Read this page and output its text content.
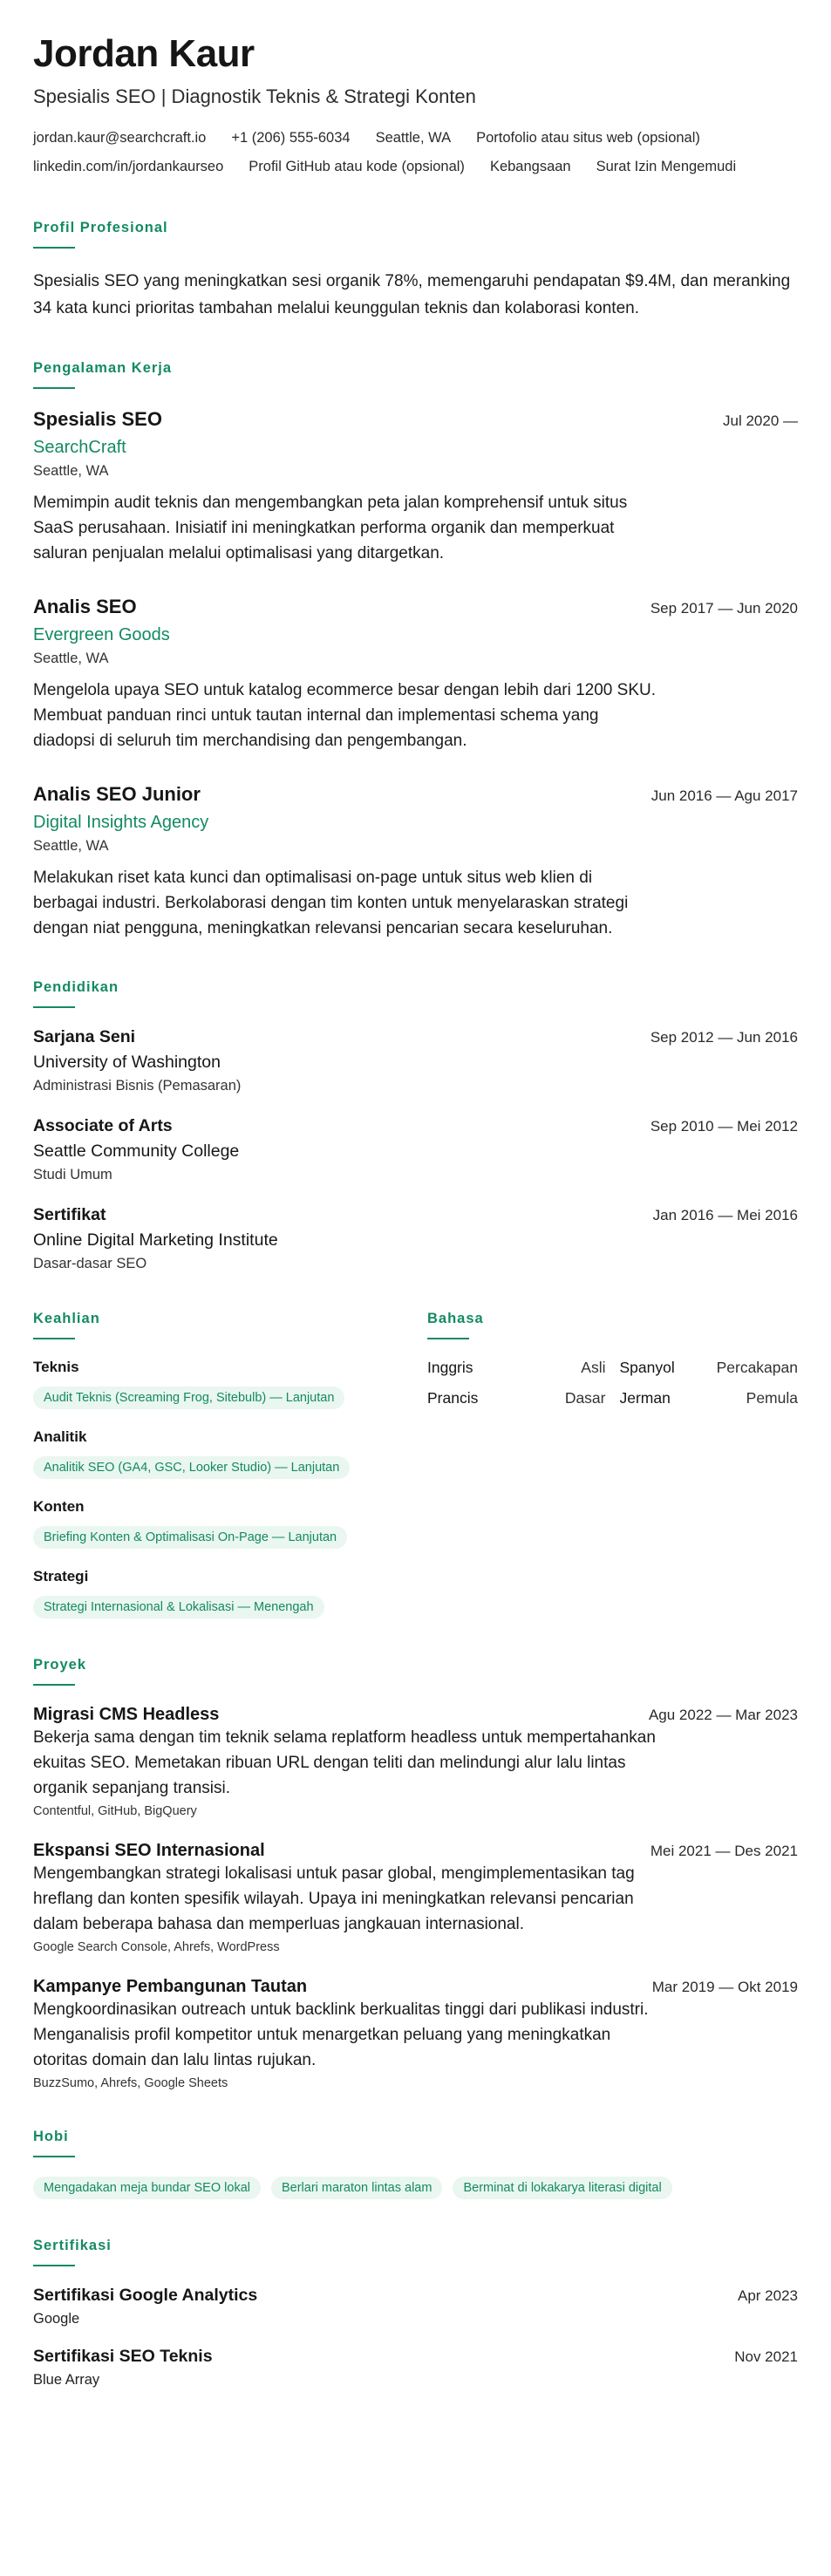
Jordan Kaur
Spesialis SEO | Diagnostik Teknis & Strategi Konten
jordan.kaur@searchcraft.io +1 (206) 555-6034 Seattle, WA Portofolio atau situs web (opsional)
linkedin.com/in/jordankaurseo Profil GitHub atau kode (opsional) Kebangsaan Surat Izin Mengemudi
Profil Profesional

Spesialis SEO yang meningkatkan sesi organik 78%, memengaruhi pendapatan $9.4M, dan meranking 34 kata kunci prioritas tambahan melalui keunggulan teknis dan kolaborasi konten.

Pengalaman Kerja
Spesialis SEO	Jul 2020 —
SearchCraft
Seattle, WA

Memimpin audit teknis dan mengembangkan peta jalan komprehensif untuk situs SaaS perusahaan. Inisiatif ini meningkatkan performa organik dan memperkuat saluran penjualan melalui optimalisasi yang ditargetkan.

Analis SEO	Sep 2017 — Jun 2020
Evergreen Goods
Seattle, WA

Mengelola upaya SEO untuk katalog ecommerce besar dengan lebih dari 1200 SKU. Membuat panduan rinci untuk tautan internal dan implementasi schema yang diadopsi di seluruh tim merchandising dan pengembangan.

Analis SEO Junior	Jun 2016 — Agu 2017
Digital Insights Agency
Seattle, WA

Melakukan riset kata kunci dan optimalisasi on-page untuk situs web klien di berbagai industri. Berkolaborasi dengan tim konten untuk menyelaraskan strategi dengan niat pengguna, meningkatkan relevansi pencarian secara keseluruhan.

Pendidikan
Sarjana Seni	Sep 2012 — Jun 2016
University of Washington
Administrasi Bisnis (Pemasaran)
Associate of Arts	Sep 2010 — Mei 2012
Seattle Community College
Studi Umum
Sertifikat	Jan 2016 — Mei 2016
Online Digital Marketing Institute
Dasar-dasar SEO
Keahlian
Teknis
Audit Teknis (Screaming Frog, Sitebulb) — Lanjutan
Analitik
Analitik SEO (GA4, GSC, Looker Studio) — Lanjutan
Konten
Briefing Konten & Optimalisasi On-Page — Lanjutan
Strategi
Strategi Internasional & Lokalisasi — Menengah
Bahasa
Inggris	Asli Spanyol	Percakapan
Prancis	Dasar Jerman	Pemula
Proyek
Migrasi CMS Headless	Agu 2022 — Mar 2023

Bekerja sama dengan tim teknik selama replatform headless untuk mempertahankan ekuitas SEO. Memetakan ribuan URL dengan teliti dan melindungi alur lalu lintas organik sepanjang transisi.

Contentful, GitHub, BigQuery
Ekspansi SEO Internasional	Mei 2021 — Des 2021

Mengembangkan strategi lokalisasi untuk pasar global, mengimplementasikan tag hreflang dan konten spesifik wilayah. Upaya ini meningkatkan relevansi pencarian dalam beberapa bahasa dan memperluas jangkauan internasional.

Google Search Console, Ahrefs, WordPress
Kampanye Pembangunan Tautan	Mar 2019 — Okt 2019

Mengkoordinasikan outreach untuk backlink berkualitas tinggi dari publikasi industri. Menganalisis profil kompetitor untuk menargetkan peluang yang meningkatkan otoritas domain dan lalu lintas rujukan.

BuzzSumo, Ahrefs, Google Sheets
Hobi
Mengadakan meja bundar SEO lokal	Berlari maraton lintas alam	Berminat di lokakarya literasi digital
Sertifikasi
Sertifikasi Google Analytics	Apr 2023
Google
Sertifikasi SEO Teknis	Nov 2021
Blue Array
